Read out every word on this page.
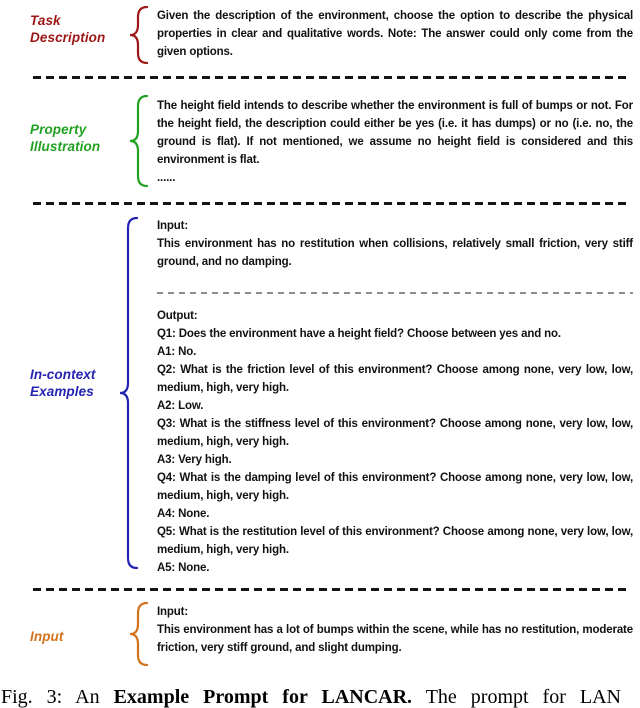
Task
Description
Given the description of the environment, choose the option to describe the physical properties in clear and qualitative words. Note: The answer could only come from the given options.
Property
Illustration
The height field intends to describe whether the environment is full of bumps or not. For the height field, the description could either be yes (i.e. it has dumps) or no (i.e. no, the ground is flat). If not mentioned, we assume no height field is considered and this environment is flat.
......
In-context
Examples
Input:
This environment has no restitution when collisions, relatively small friction, very stiff ground, and no damping.
Output:
Q1: Does the environment have a height field? Choose between yes and no.
A1: No.
Q2: What is the friction level of this environment? Choose among none, very low, low, medium, high, very high.
A2: Low.
Q3: What is the stiffness level of this environment? Choose among none, very low, low, medium, high, very high.
A3: Very high.
Q4: What is the damping level of this environment? Choose among none, very low, low, medium, high, very high.
A4: None.
Q5: What is the restitution level of this environment? Choose among none, very low, low, medium, high, very high.
A5: None.
Input
Input:
This environment has a lot of bumps within the scene, while has no restitution, moderate friction, very stiff ground, and slight dumping.
Fig. 3: An Example Prompt for LANCAR. The prompt for LAN
